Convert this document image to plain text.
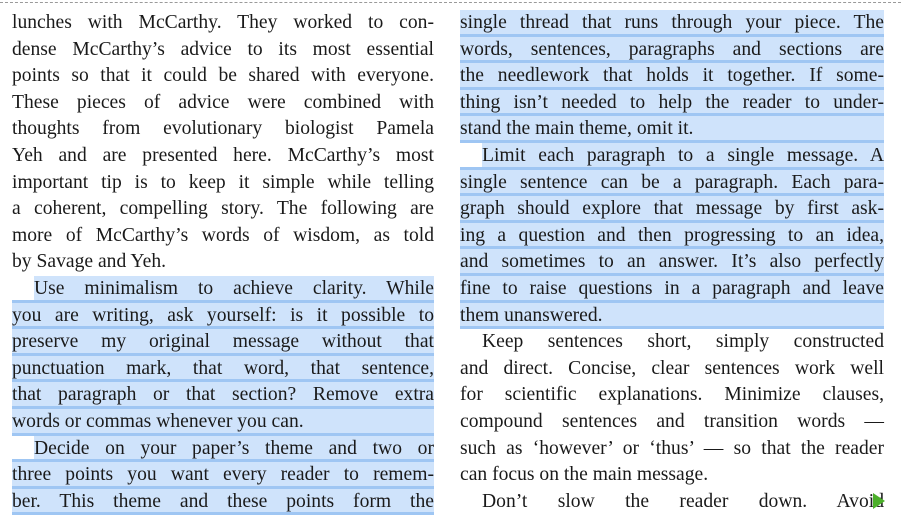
lunches with McCarthy. They worked to con-
dense McCarthy’s advice to its most essential
points so that it could be shared with everyone.
These pieces of advice were combined with
thoughts from evolutionary biologist Pamela
Yeh and are presented here. McCarthy’s most
important tip is to keep it simple while telling
a coherent, compelling story. The following are
more of McCarthy’s words of wisdom, as told
by Savage and Yeh.
Use minimalism to achieve clarity. While
you are writing, ask yourself: is it possible to
preserve my original message without that
punctuation mark, that word, that sentence,
that paragraph or that section? Remove extra
words or commas whenever you can.
Decide on your paper’s theme and two or
three points you want every reader to remem-
ber. This theme and these points form the
single thread that runs through your piece. The
words, sentences, paragraphs and sections are
the needlework that holds it together. If some-
thing isn’t needed to help the reader to under-
stand the main theme, omit it.
Limit each paragraph to a single message. A
single sentence can be a paragraph. Each para-
graph should explore that message by first ask-
ing a question and then progressing to an idea,
and sometimes to an answer. It’s also perfectly
fine to raise questions in a paragraph and leave
them unanswered.
Keep sentences short, simply constructed
and direct. Concise, clear sentences work well
for scientific explanations. Minimize clauses,
compound sentences and transition words —
such as ‘however’ or ‘thus’ — so that the reader
can focus on the main message.
Don’t slow the reader down. Avoid
